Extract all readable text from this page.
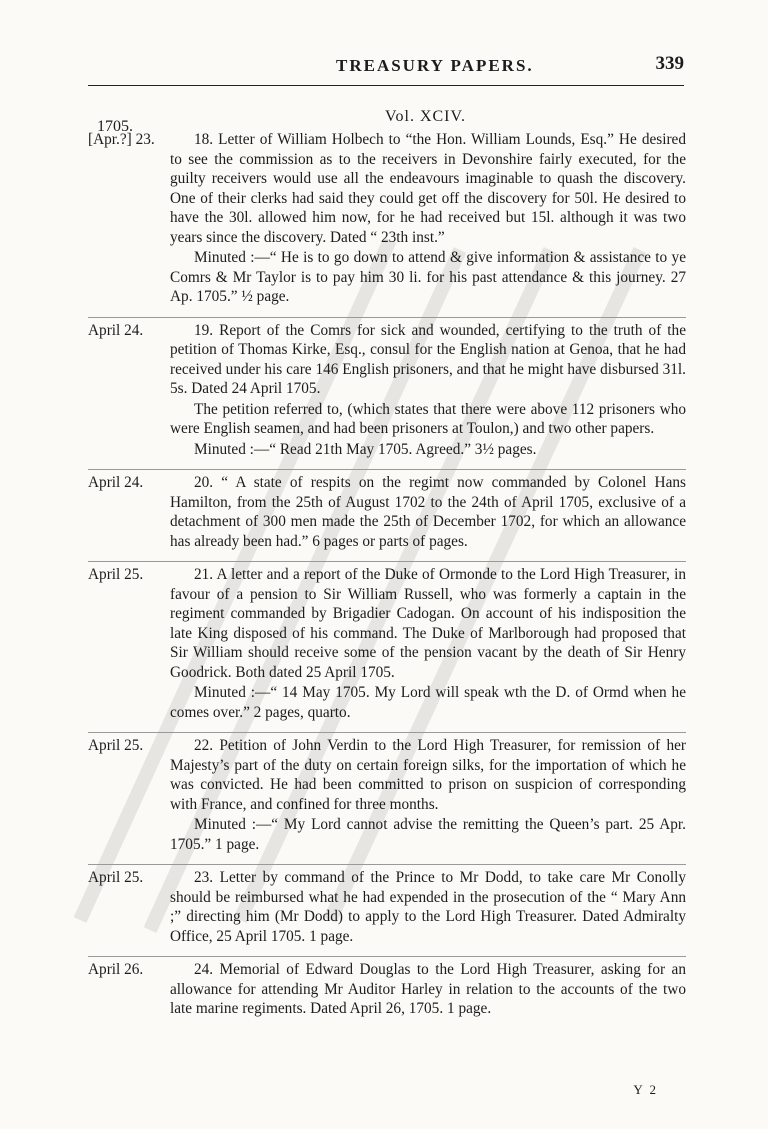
TREASURY PAPERS.	339
Vol. XCIV.
1705.
[Apr.?] 23.	18. Letter of William Holbech to “the Hon. William Lounds, Esq.” He desired to see the commission as to the receivers in Devonshire fairly executed, for the guilty receivers would use all the endeavours imaginable to quash the discovery. One of their clerks had said they could get off the discovery for 50l. He desired to have the 30l. allowed him now, for he had received but 15l. although it was two years since the discovery. Dated “ 23th inst.”

Minuted :—“ He is to go down to attend & give information & assistance to ye Comrs & Mr Taylor is to pay him 30 li. for his past attendance & this journey. 27 Ap. 1705.” ½ page.

April 24.	19. Report of the Comrs for sick and wounded, certifying to the truth of the petition of Thomas Kirke, Esq., consul for the English nation at Genoa, that he had received under his care 146 English prisoners, and that he might have disbursed 31l. 5s. Dated 24 April 1705.

The petition referred to, (which states that there were above 112 prisoners who were English seamen, and had been prisoners at Toulon,) and two other papers.

Minuted :—“ Read 21th May 1705. Agreed.” 3½ pages.

April 24.	20. “ A state of respits on the regimt now commanded by Colonel Hans Hamilton, from the 25th of August 1702 to the 24th of April 1705, exclusive of a detachment of 300 men made the 25th of December 1702, for which an allowance has already been had.” 6 pages or parts of pages.

April 25.	21. A letter and a report of the Duke of Ormonde to the Lord High Treasurer, in favour of a pension to Sir William Russell, who was formerly a captain in the regiment commanded by Brigadier Cadogan. On account of his indisposition the late King disposed of his command. The Duke of Marlborough had proposed that Sir William should receive some of the pension vacant by the death of Sir Henry Goodrick. Both dated 25 April 1705.

Minuted :—“ 14 May 1705. My Lord will speak wth the D. of Ormd when he comes over.” 2 pages, quarto.

April 25.	22. Petition of John Verdin to the Lord High Treasurer, for remission of her Majesty’s part of the duty on certain foreign silks, for the importation of which he was convicted. He had been committed to prison on suspicion of corresponding with France, and confined for three months.

Minuted :—“ My Lord cannot advise the remitting the Queen’s part. 25 Apr. 1705.” 1 page.

April 25.	23. Letter by command of the Prince to Mr Dodd, to take care Mr Conolly should be reimbursed what he had expended in the prosecution of the “ Mary Ann ;” directing him (Mr Dodd) to apply to the Lord High Treasurer. Dated Admiralty Office, 25 April 1705. 1 page.

April 26.	24. Memorial of Edward Douglas to the Lord High Treasurer, asking for an allowance for attending Mr Auditor Harley in relation to the accounts of the two late marine regiments. Dated April 26, 1705. 1 page.

Y 2
